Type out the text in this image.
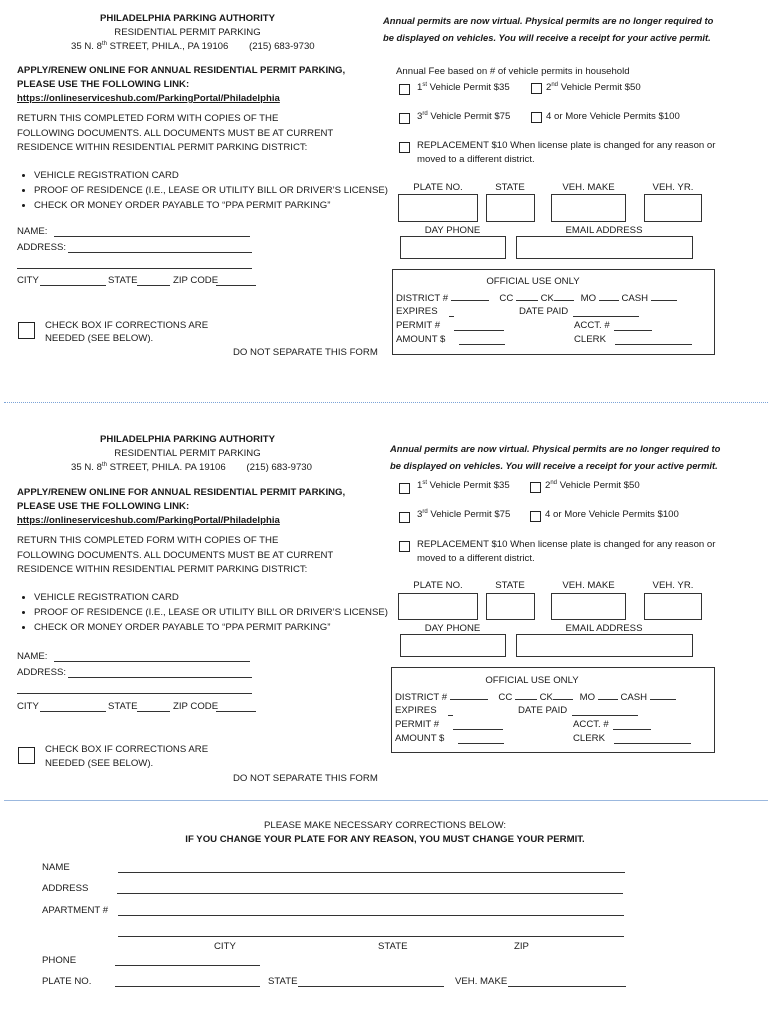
PHILADELPHIA PARKING AUTHORITY
RESIDENTIAL PERMIT PARKING
35 N. 8th STREET, PHILA., PA 19106 (215) 683-9730
APPLY/RENEW ONLINE FOR ANNUAL RESIDENTIAL PERMIT PARKING,
PLEASE USE THE FOLLOWING LINK:
https://onlineserviceshub.com/ParkingPortal/Philadelphia
RETURN THIS COMPLETED FORM WITH COPIES OF THE
FOLLOWING DOCUMENTS. ALL DOCUMENTS MUST BE AT CURRENT
RESIDENCE WITHIN RESIDENTIAL PERMIT PARKING DISTRICT:
• VEHICLE REGISTRATION CARD
• PROOF OF RESIDENCE (I.E., LEASE OR UTILITY BILL OR DRIVER’S LICENSE)
• CHECK OR MONEY ORDER PAYABLE TO “PPA PERMIT PARKING”
NAME:
ADDRESS:
CITY	STATE	ZIP CODE
CHECK BOX IF CORRECTIONS ARE
NEEDED (SEE BELOW).
DO NOT SEPARATE THIS FORM
Annual permits are now virtual. Physical permits are no longer required to
be displayed on vehicles. You will receive a receipt for your active permit.
Annual Fee based on # of vehicle permits in household
1st Vehicle Permit $35	2nd Vehicle Permit $50
3rd Vehicle Permit $75	4 or More Vehicle Permits $100
REPLACEMENT $10 When license plate is changed for any reason or
moved to a different district.
PLATE NO.	STATE	VEH. MAKE	VEH. YR.
DAY PHONE	EMAIL ADDRESS
OFFICIAL USE ONLY
DISTRICT #	CC	CK	MO	CASH
EXPIRES	DATE PAID
PERMIT #	ACCT. #
AMOUNT $	CLERK
PHILADELPHIA PARKING AUTHORITY
RESIDENTIAL PERMIT PARKING
35 N. 8th STREET, PHILA. PA 19106 (215) 683-9730
APPLY/RENEW ONLINE FOR ANNUAL RESIDENTIAL PERMIT PARKING,
PLEASE USE THE FOLLOWING LINK:
https://onlineserviceshub.com/ParkingPortal/Philadelphia
RETURN THIS COMPLETED FORM WITH COPIES OF THE
FOLLOWING DOCUMENTS. ALL DOCUMENTS MUST BE AT CURRENT
RESIDENCE WITHIN RESIDENTIAL PERMIT PARKING DISTRICT:
• VEHICLE REGISTRATION CARD
• PROOF OF RESIDENCE (I.E., LEASE OR UTILITY BILL OR DRIVER’S LICENSE)
• CHECK OR MONEY ORDER PAYABLE TO “PPA PERMIT PARKING”
NAME:
ADDRESS:
CITY	STATE	ZIP CODE
CHECK BOX IF CORRECTIONS ARE
NEEDED (SEE BELOW).
DO NOT SEPARATE THIS FORM
Annual permits are now virtual. Physical permits are no longer required to
be displayed on vehicles. You will receive a receipt for your active permit.
1st Vehicle Permit $35	2nd Vehicle Permit $50
3rd Vehicle Permit $75	4 or More Vehicle Permits $100
REPLACEMENT $10 When license plate is changed for any reason or
moved to a different district.
PLATE NO.	STATE	VEH. MAKE	VEH. YR.
DAY PHONE	EMAIL ADDRESS
OFFICIAL USE ONLY
DISTRICT #	CC	CK	MO	CASH
EXPIRES	DATE PAID
PERMIT #	ACCT. #
AMOUNT $	CLERK
PLEASE MAKE NECESSARY CORRECTIONS BELOW:
IF YOU CHANGE YOUR PLATE FOR ANY REASON, YOU MUST CHANGE YOUR PERMIT.
NAME
ADDRESS
APARTMENT #
CITY	STATE	ZIP
PHONE
PLATE NO.	STATE	VEH. MAKE
